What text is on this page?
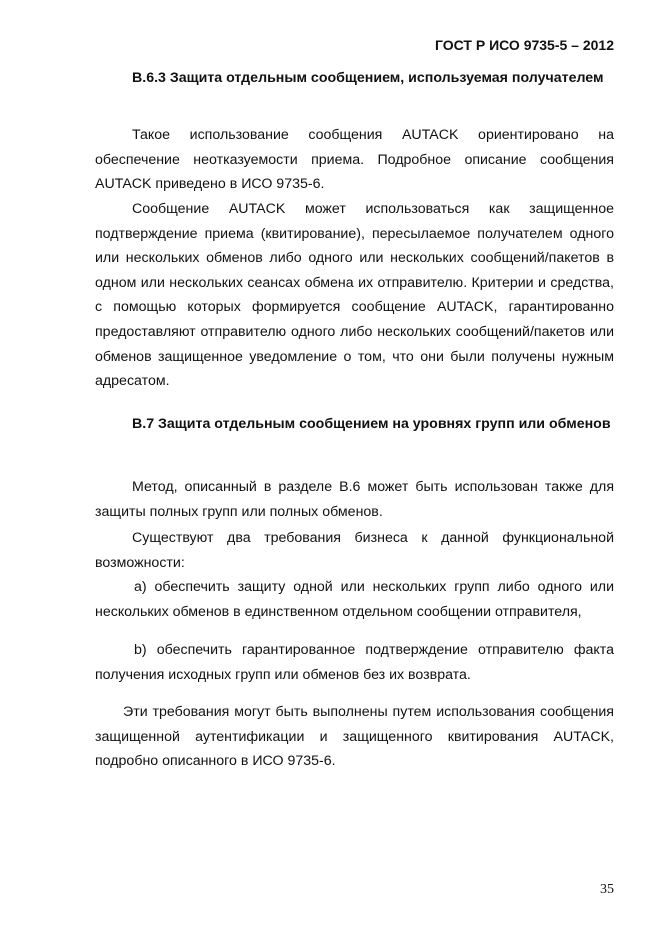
ГОСТ Р ИСО 9735-5 – 2012
B.6.3 Защита отдельным сообщением, используемая получателем
Такое использование сообщения AUTACK ориентировано на обеспечение неотказуемости приема. Подробное описание сообщения AUTACK приведено в ИСО 9735-6.
Сообщение AUTACK может использоваться как защищенное подтверждение приема (квитирование), пересылаемое получателем одного или нескольких обменов либо одного или нескольких сообщений/пакетов в одном или нескольких сеансах обмена их отправителю. Критерии и средства, с помощью которых формируется сообщение AUTACK, гарантированно предоставляют отправителю одного либо нескольких сообщений/пакетов или обменов защищенное уведомление о том, что они были получены нужным адресатом.
B.7 Защита отдельным сообщением на уровнях групп или обменов
Метод, описанный в разделе B.6 может быть использован также для защиты полных групп или полных обменов.
Существуют два требования бизнеса к данной функциональной возможности:
a) обеспечить защиту одной или нескольких групп либо одного или нескольких обменов в единственном отдельном сообщении отправителя,
b) обеспечить гарантированное подтверждение отправителю факта получения исходных групп или обменов без их возврата.
Эти требования могут быть выполнены путем использования сообщения защищенной аутентификации и защищенного квитирования AUTACK, подробно описанного в ИСО 9735-6.
35
